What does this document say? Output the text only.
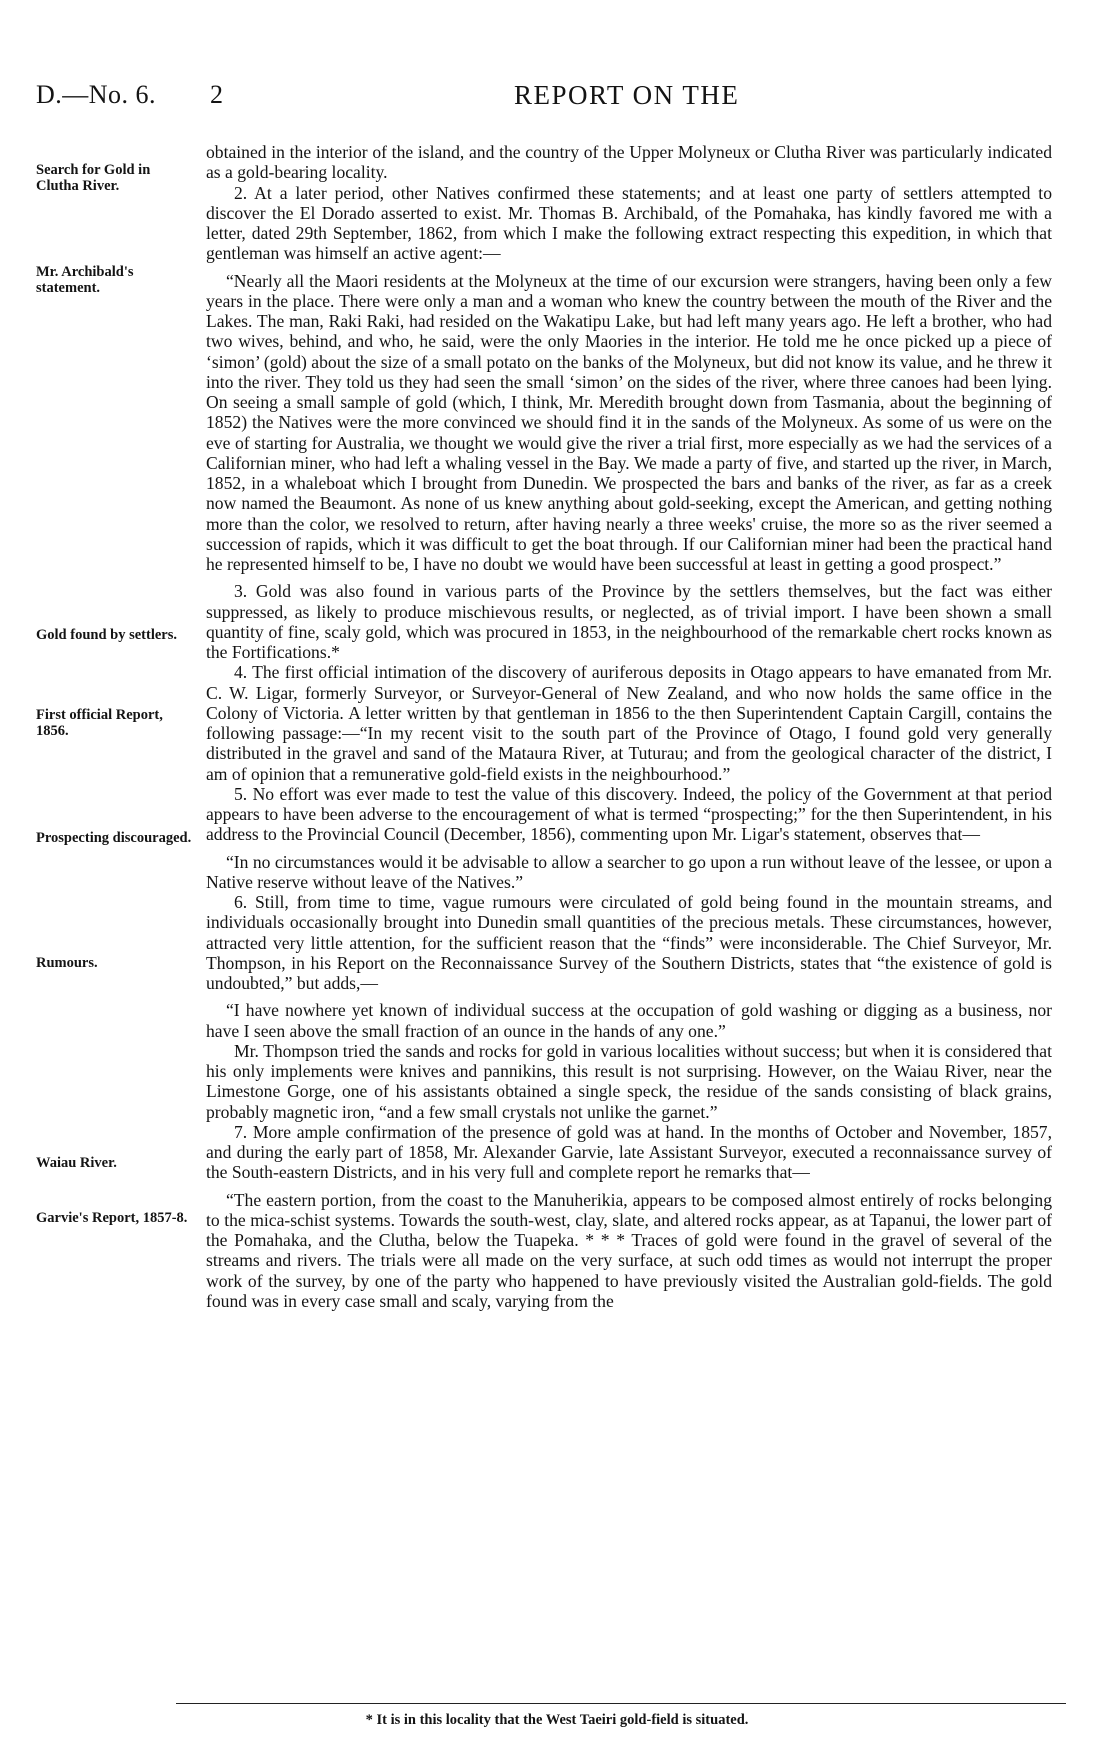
D.—No. 6. 2	REPORT ON THE
Search for Gold in Clutha River.
Mr. Archibald's statement.
Gold found by settlers.
First official Report, 1856.
Prospecting discouraged.
Rumours.
Waiau River.
Garvie's Report, 1857-8.

obtained in the interior of the island, and the country of the Upper Molyneux or Clutha River was particularly indicated as a gold-bearing locality.

2. At a later period, other Natives confirmed these statements; and at least one party of settlers attempted to discover the El Dorado asserted to exist. Mr. Thomas B. Archibald, of the Pomahaka, has kindly favored me with a letter, dated 29th September, 1862, from which I make the following extract respecting this expedition, in which that gentleman was himself an active agent:—

“Nearly all the Maori residents at the Molyneux at the time of our excursion were strangers, having been only a few years in the place. There were only a man and a woman who knew the country between the mouth of the River and the Lakes. The man, Raki Raki, had resided on the Wakatipu Lake, but had left many years ago. He left a brother, who had two wives, behind, and who, he said, were the only Maories in the interior. He told me he once picked up a piece of ‘simon’ (gold) about the size of a small potato on the banks of the Molyneux, but did not know its value, and he threw it into the river. They told us they had seen the small ‘simon’ on the sides of the river, where three canoes had been lying. On seeing a small sample of gold (which, I think, Mr. Meredith brought down from Tasmania, about the beginning of 1852) the Natives were the more convinced we should find it in the sands of the Molyneux. As some of us were on the eve of starting for Australia, we thought we would give the river a trial first, more especially as we had the services of a Californian miner, who had left a whaling vessel in the Bay. We made a party of five, and started up the river, in March, 1852, in a whaleboat which I brought from Dunedin. We prospected the bars and banks of the river, as far as a creek now named the Beaumont. As none of us knew anything about gold-seeking, except the American, and getting nothing more than the color, we resolved to return, after having nearly a three weeks' cruise, the more so as the river seemed a succession of rapids, which it was difficult to get the boat through. If our Californian miner had been the practical hand he represented himself to be, I have no doubt we would have been successful at least in getting a good prospect.”

3. Gold was also found in various parts of the Province by the settlers themselves, but the fact was either suppressed, as likely to produce mischievous results, or neglected, as of trivial import. I have been shown a small quantity of fine, scaly gold, which was procured in 1853, in the neighbourhood of the remarkable chert rocks known as the Fortifications.*

4. The first official intimation of the discovery of auriferous deposits in Otago appears to have emanated from Mr. C. W. Ligar, formerly Surveyor, or Surveyor-General of New Zealand, and who now holds the same office in the Colony of Victoria. A letter written by that gentleman in 1856 to the then Superintendent Captain Cargill, contains the following passage:—“In my recent visit to the south part of the Province of Otago, I found gold very generally distributed in the gravel and sand of the Mataura River, at Tuturau; and from the geological character of the district, I am of opinion that a remunerative gold-field exists in the neighbourhood.”

5. No effort was ever made to test the value of this discovery. Indeed, the policy of the Government at that period appears to have been adverse to the encouragement of what is termed “prospecting;” for the then Superintendent, in his address to the Provincial Council (December, 1856), commenting upon Mr. Ligar's statement, observes that—

“In no circumstances would it be advisable to allow a searcher to go upon a run without leave of the lessee, or upon a Native reserve without leave of the Natives.”

6. Still, from time to time, vague rumours were circulated of gold being found in the mountain streams, and individuals occasionally brought into Dunedin small quantities of the precious metals. These circumstances, however, attracted very little attention, for the sufficient reason that the “finds” were inconsiderable. The Chief Surveyor, Mr. Thompson, in his Report on the Reconnaissance Survey of the Southern Districts, states that “the existence of gold is undoubted,” but adds,—

“I have nowhere yet known of individual success at the occupation of gold washing or digging as a business, nor have I seen above the small fraction of an ounce in the hands of any one.”

Mr. Thompson tried the sands and rocks for gold in various localities without success; but when it is considered that his only implements were knives and pannikins, this result is not surprising. However, on the Waiau River, near the Limestone Gorge, one of his assistants obtained a single speck, the residue of the sands consisting of black grains, probably magnetic iron, “and a few small crystals not unlike the garnet.”

7. More ample confirmation of the presence of gold was at hand. In the months of October and November, 1857, and during the early part of 1858, Mr. Alexander Garvie, late Assistant Surveyor, executed a reconnaissance survey of the South-eastern Districts, and in his very full and complete report he remarks that—

“The eastern portion, from the coast to the Manuherikia, appears to be composed almost entirely of rocks belonging to the mica-schist systems. Towards the south-west, clay, slate, and altered rocks appear, as at Tapanui, the lower part of the Pomahaka, and the Clutha, below the Tuapeka. * * * Traces of gold were found in the gravel of several of the streams and rivers. The trials were all made on the very surface, at such odd times as would not interrupt the proper work of the survey, by one of the party who happened to have previously visited the Australian gold-fields. The gold found was in every case small and scaly, varying from the

* It is in this locality that the West Taeiri gold-field is situated.
